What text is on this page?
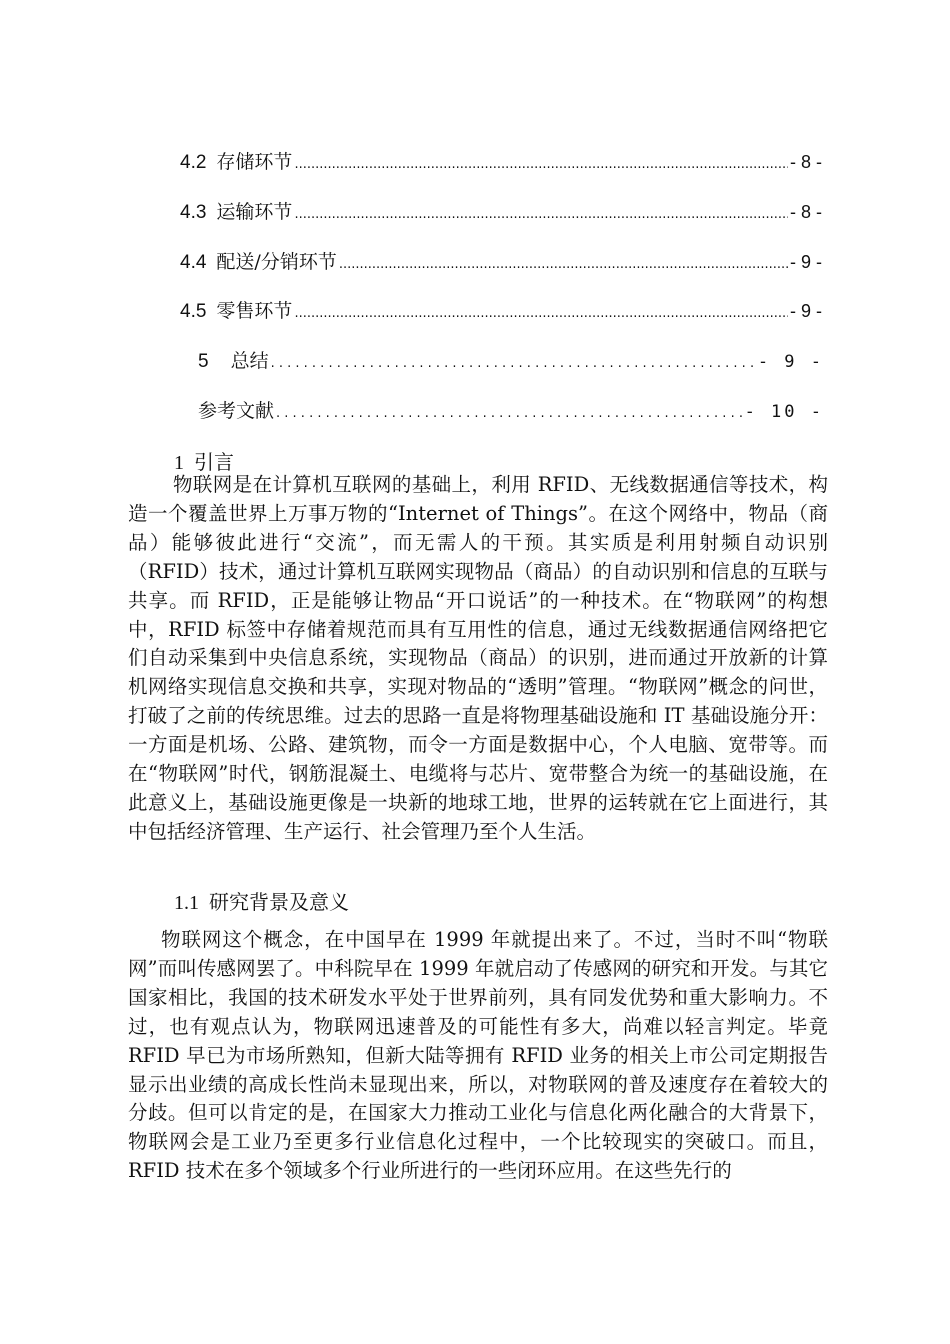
4.2 存储环节 .....	- 8 -
4.3 运输环节 .....	- 8 -
4.4 配送/分销环节 .....	- 9 -
4.5 零售环节 .....	- 9 -
5 总结 . . .	- 9 -
参考文献 . . .	- 10 -
1 引言

物联网是在计算机互联网的基础上，利用 RFID、无线数据通信等技术，构造一个覆盖世界上万事万物的“Internet of Things”。在这个网络中，物品（商品）能够彼此进行“交流”，而无需人的干预。其实质是利用射频自动识别（RFID）技术，通过计算机互联网实现物品（商品）的自动识别和信息的互联与共享。而 RFID，正是能够让物品“开口说话”的一种技术。在“物联网”的构想中，RFID 标签中存储着规范而具有互用性的信息，通过无线数据通信网络把它们自动采集到中央信息系统，实现物品（商品）的识别，进而通过开放新的计算机网络实现信息交换和共享，实现对物品的“透明”管理。“物联网”概念的问世，打破了之前的传统思维。过去的思路一直是将物理基础设施和 IT 基础设施分开：一方面是机场、公路、建筑物，而令一方面是数据中心，个人电脑、宽带等。而在“物联网”时代，钢筋混凝土、电缆将与芯片、宽带整合为统一的基础设施，在此意义上，基础设施更像是一块新的地球工地，世界的运转就在它上面进行，其中包括经济管理、生产运行、社会管理乃至个人生活。

1.1 研究背景及意义

物联网这个概念，在中国早在 1999 年就提出来了。不过，当时不叫“物联网”而叫传感网罢了。中科院早在 1999 年就启动了传感网的研究和开发。与其它国家相比，我国的技术研发水平处于世界前列，具有同发优势和重大影响力。不过，也有观点认为，物联网迅速普及的可能性有多大，尚难以轻言判定。毕竟 RFID 早已为市场所熟知，但新大陆等拥有 RFID 业务的相关上市公司定期报告显示出业绩的高成长性尚未显现出来，所以，对物联网的普及速度存在着较大的分歧。但可以肯定的是，在国家大力推动工业化与信息化两化融合的大背景下，物联网会是工业乃至更多行业信息化过程中，一个比较现实的突破口。而且，RFID 技术在多个领域多个行业所进行的一些闭环应用。在这些先行的
